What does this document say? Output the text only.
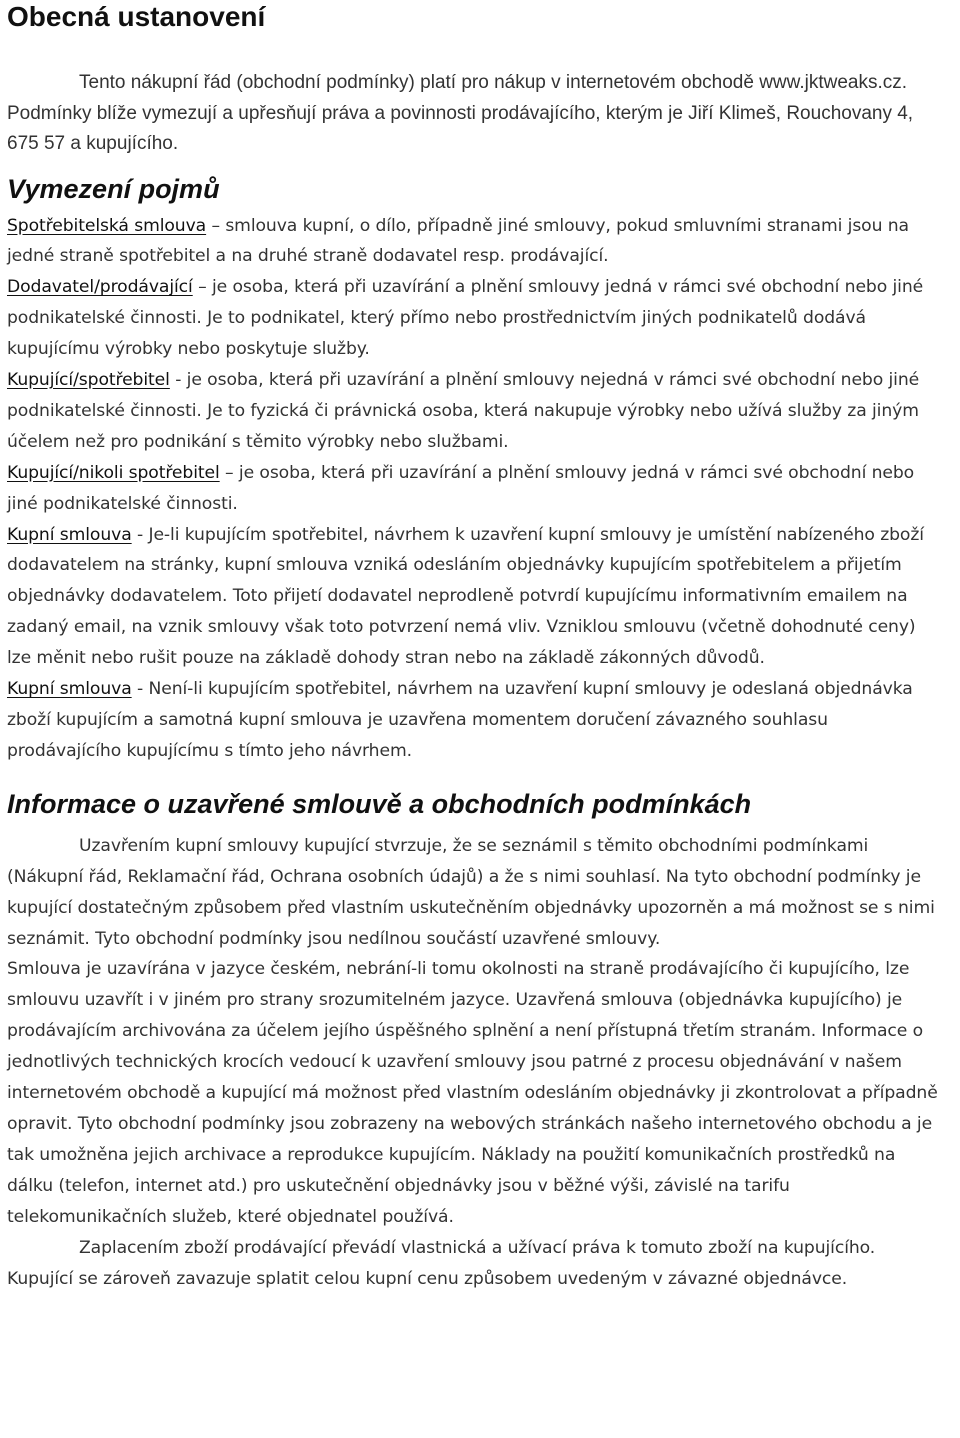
Obecná ustanovení

Tento nákupní řád (obchodní podmínky) platí pro nákup v internetovém obchodě www.jktweaks.cz. Podmínky blíže vymezují a upřesňují práva a povinnosti prodávajícího, kterým je Jiří Klimeš, Rouchovany 4, 675 57 a kupujícího.

Vymezení pojmů

Spotřebitelská smlouva – smlouva kupní, o dílo, případně jiné smlouvy, pokud smluvními stranami jsou na jedné straně spotřebitel a na druhé straně dodavatel resp. prodávající.

Dodavatel/prodávající – je osoba, která při uzavírání a plnění smlouvy jedná v rámci své obchodní nebo jiné podnikatelské činnosti. Je to podnikatel, který přímo nebo prostřednictvím jiných podnikatelů dodává kupujícímu výrobky nebo poskytuje služby.

Kupující/spotřebitel - je osoba, která při uzavírání a plnění smlouvy nejedná v rámci své obchodní nebo jiné podnikatelské činnosti. Je to fyzická či právnická osoba, která nakupuje výrobky nebo užívá služby za jiným účelem než pro podnikání s těmito výrobky nebo službami.

Kupující/nikoli spotřebitel – je osoba, která při uzavírání a plnění smlouvy jedná v rámci své obchodní nebo jiné podnikatelské činnosti.

Kupní smlouva - Je-li kupujícím spotřebitel, návrhem k uzavření kupní smlouvy je umístění nabízeného zboží dodavatelem na stránky, kupní smlouva vzniká odesláním objednávky kupujícím spotřebitelem a přijetím objednávky dodavatelem. Toto přijetí dodavatel neprodleně potvrdí kupujícímu informativním emailem na zadaný email, na vznik smlouvy však toto potvrzení nemá vliv. Vzniklou smlouvu (včetně dohodnuté ceny) lze měnit nebo rušit pouze na základě dohody stran nebo na základě zákonných důvodů.

Kupní smlouva - Není-li kupujícím spotřebitel, návrhem na uzavření kupní smlouvy je odeslaná objednávka zboží kupujícím a samotná kupní smlouva je uzavřena momentem doručení závazného souhlasu prodávajícího kupujícímu s tímto jeho návrhem.

Informace o uzavřené smlouvě a obchodních podmínkách

Uzavřením kupní smlouvy kupující stvrzuje, že se seznámil s těmito obchodními podmínkami (Nákupní řád, Reklamační řád, Ochrana osobních údajů) a že s nimi souhlasí. Na tyto obchodní podmínky je kupující dostatečným způsobem před vlastním uskutečněním objednávky upozorněn a má možnost se s nimi seznámit. Tyto obchodní podmínky jsou nedílnou součástí uzavřené smlouvy.

Smlouva je uzavírána v jazyce českém, nebrání-li tomu okolnosti na straně prodávajícího či kupujícího, lze smlouvu uzavřít i v jiném pro strany srozumitelném jazyce. Uzavřená smlouva (objednávka kupujícího) je prodávajícím archivována za účelem jejího úspěšného splnění a není přístupná třetím stranám. Informace o jednotlivých technických krocích vedoucí k uzavření smlouvy jsou patrné z procesu objednávání v našem internetovém obchodě a kupující má možnost před vlastním odesláním objednávky ji zkontrolovat a případně opravit. Tyto obchodní podmínky jsou zobrazeny na webových stránkách našeho internetového obchodu a je tak umožněna jejich archivace a reprodukce kupujícím. Náklady na použití komunikačních prostředků na dálku (telefon, internet atd.) pro uskutečnění objednávky jsou v běžné výši, závislé na tarifu telekomunikačních služeb, které objednatel používá.

Zaplacením zboží prodávající převádí vlastnická a užívací práva k tomuto zboží na kupujícího. Kupující se zároveň zavazuje splatit celou kupní cenu způsobem uvedeným v závazné objednávce.
